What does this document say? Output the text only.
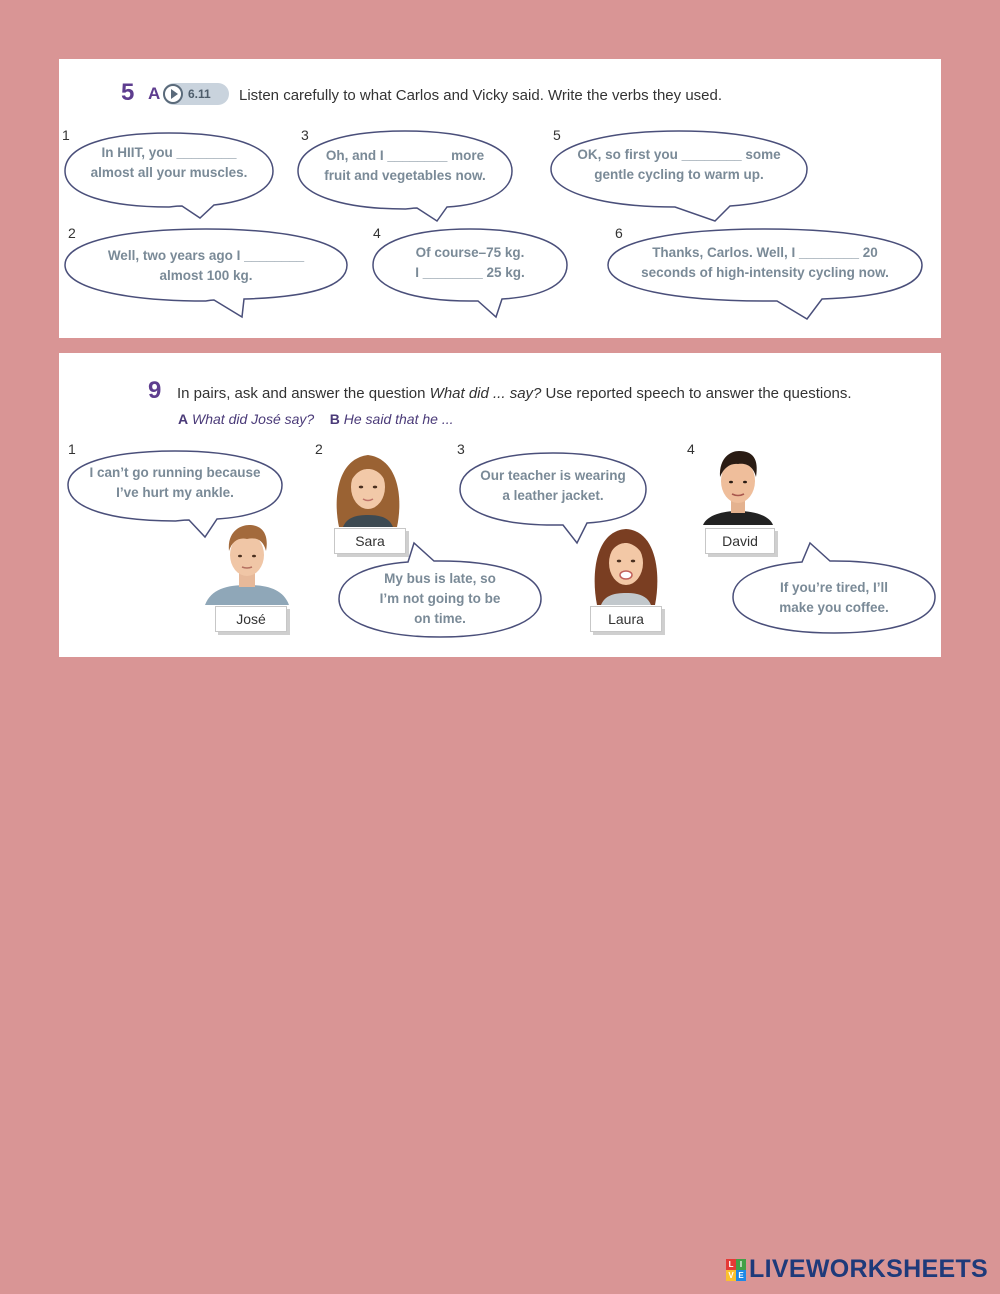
5 A 6.11 Listen carefully to what Carlos and Vicky said. Write the verbs they used.
1
In HIIT, you ________
almost all your muscles.
3
Oh, and I ________ more
fruit and vegetables now.
5
OK, so first you ________ some
gentle cycling to warm up.
2
Well, two years ago I ________
almost 100 kg.
4
Of course–75 kg.
I ________ 25 kg.
6
Thanks, Carlos. Well, I ________ 20
seconds of high-intensity cycling now.
9 In pairs, ask and answer the question What did ... say? Use reported speech to answer the questions.
A What did José say? B He said that he ...
1
I can’t go running because
I’ve hurt my ankle.
José
2
Sara
My bus is late, so
I’m not going to be
on time.
3
Our teacher is wearing
a leather jacket.
Laura
4
David
If you’re tired, I’ll
make you coffee.
L I
V E LIVEWORKSHEETS
